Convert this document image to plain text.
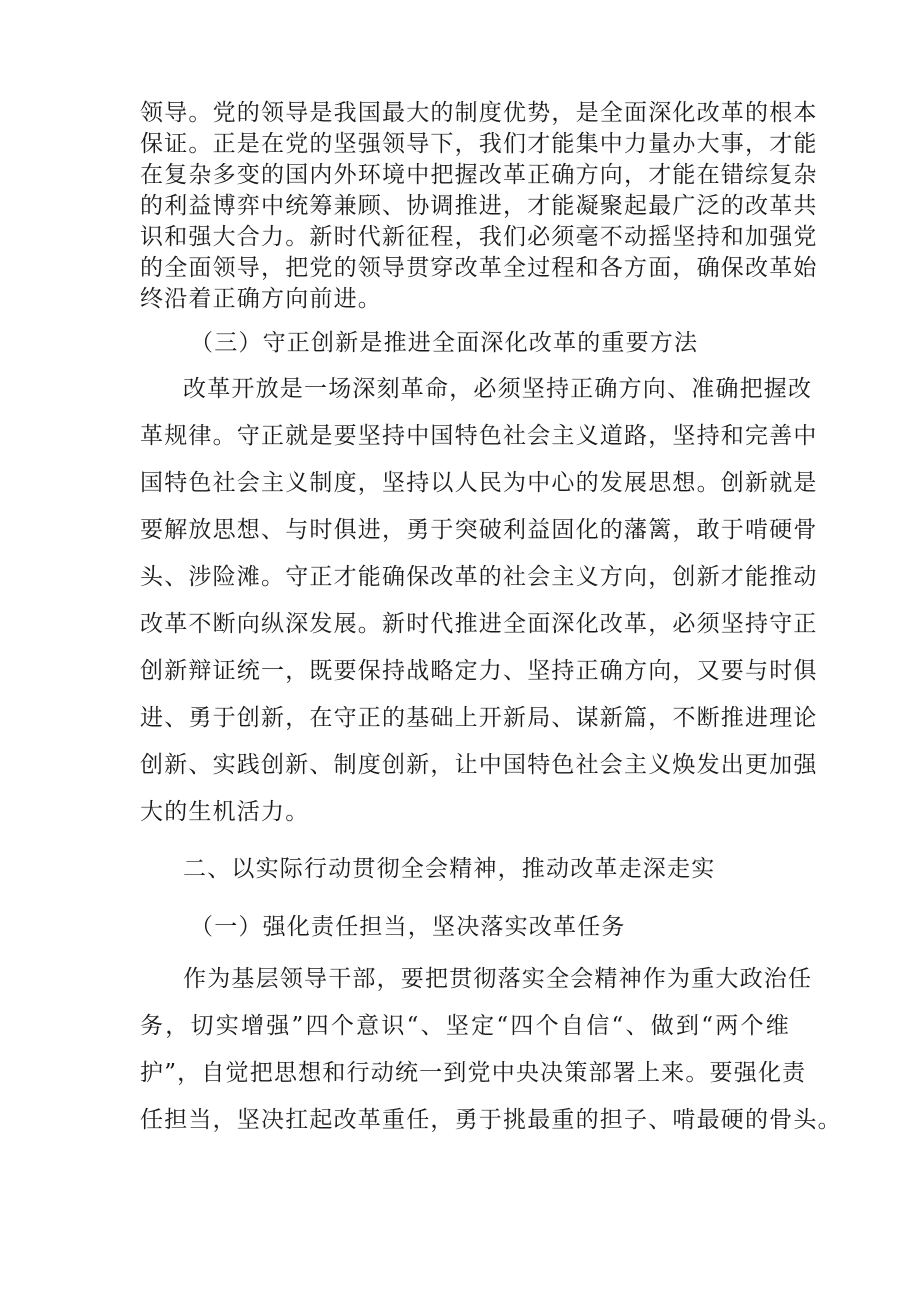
领导。党的领导是我国最大的制度优势，是全面深化改革的根本
保证。正是在党的坚强领导下，我们才能集中力量办大事，才能
在复杂多变的国内外环境中把握改革正确方向，才能在错综复杂
的利益博弈中统筹兼顾、协调推进，才能凝聚起最广泛的改革共
识和强大合力。新时代新征程，我们必须毫不动摇坚持和加强党
的全面领导，把党的领导贯穿改革全过程和各方面，确保改革始
终沿着正确方向前进。
（三）守正创新是推进全面深化改革的重要方法
改革开放是一场深刻革命，必须坚持正确方向、准确把握改
革规律。守正就是要坚持中国特色社会主义道路，坚持和完善中
国特色社会主义制度，坚持以人民为中心的发展思想。创新就是
要解放思想、与时俱进，勇于突破利益固化的藩篱，敢于啃硬骨
头、涉险滩。守正才能确保改革的社会主义方向，创新才能推动
改革不断向纵深发展。新时代推进全面深化改革，必须坚持守正
创新辩证统一，既要保持战略定力、坚持正确方向，又要与时俱
进、勇于创新，在守正的基础上开新局、谋新篇，不断推进理论
创新、实践创新、制度创新，让中国特色社会主义焕发出更加强
大的生机活力。
二、以实际行动贯彻全会精神，推动改革走深走实
（一）强化责任担当，坚决落实改革任务
作为基层领导干部，要把贯彻落实全会精神作为重大政治任
务，切实增强”四个意识“、坚定“四个自信“、做到“两个维
护”，自觉把思想和行动统一到党中央决策部署上来。要强化责
任担当，坚决扛起改革重任，勇于挑最重的担子、啃最硬的骨头。
